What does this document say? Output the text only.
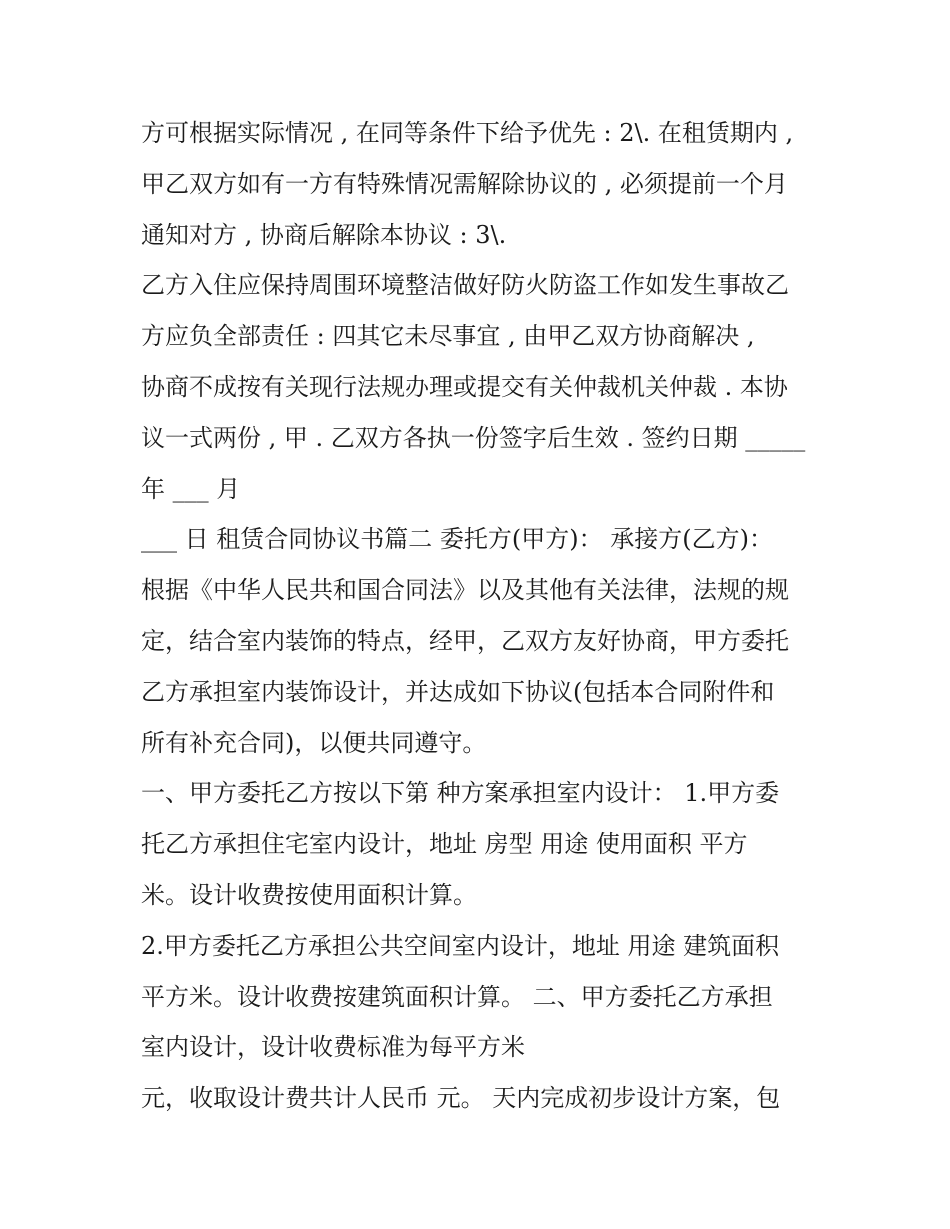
方可根据实际情况 , 在同等条件下给予优先 : 2\. 在租赁期内 ,
甲乙双方如有一方有特殊情况需解除协议的 , 必须提前一个月
通知对方 , 协商后解除本协议 : 3\.
乙方入住应保持周围环境整洁做好防火防盗工作如发生事故乙
方应负全部责任 : 四其它未尽事宜 , 由甲乙双方协商解决 ,
协商不成按有关现行法规办理或提交有关仲裁机关仲裁 . 本协
议一式两份 , 甲 . 乙双方各执一份签字后生效 . 签约日期 _____
年 ___ 月
___ 日 租赁合同协议书篇二 委托方(甲方)： 承接方(乙方)：
根据《中华人民共和国合同法》以及其他有关法律，法规的规
定，结合室内装饰的特点，经甲，乙双方友好协商，甲方委托
乙方承担室内装饰设计，并达成如下协议(包括本合同附件和
所有补充合同)，以便共同遵守。
一、甲方委托乙方按以下第 种方案承担室内设计： 1.甲方委
托乙方承担住宅室内设计，地址 房型 用途 使用面积 平方
米。设计收费按使用面积计算。
2.甲方委托乙方承担公共空间室内设计，地址 用途 建筑面积
平方米。设计收费按建筑面积计算。 二、甲方委托乙方承担
室内设计，设计收费标准为每平方米
元，收取设计费共计人民币 元。 天内完成初步设计方案，包
